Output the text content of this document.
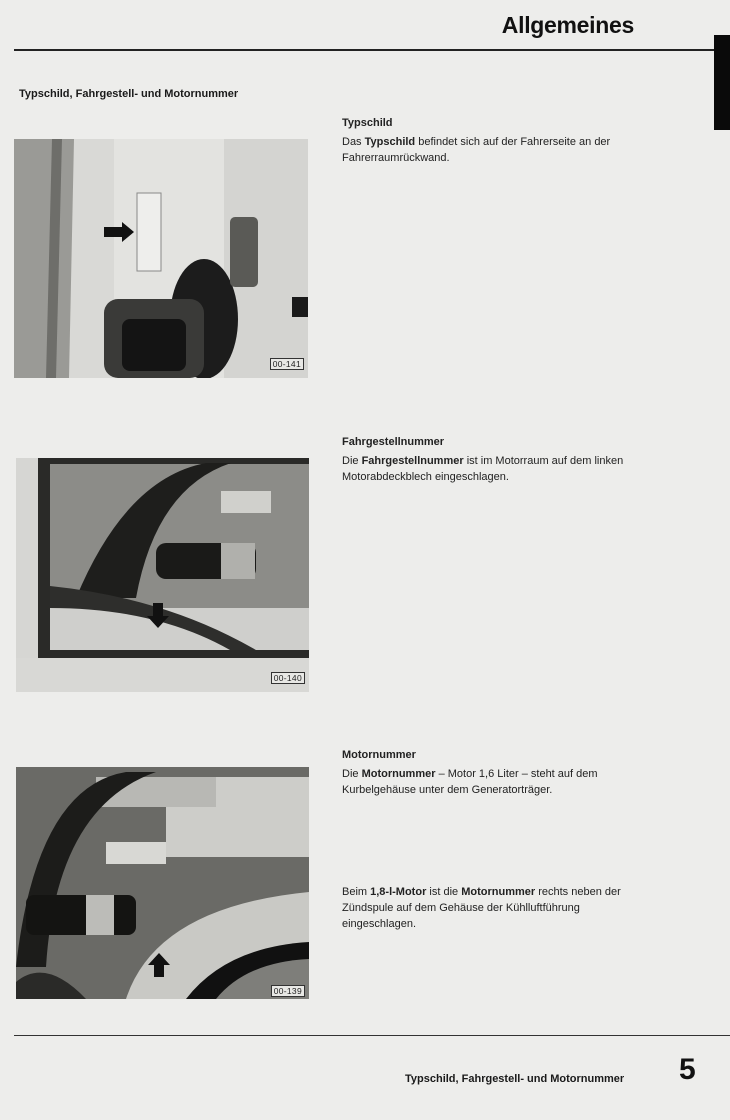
Allgemeines
Typschild, Fahrgestell- und Motornummer
00-141
00-140
00-139
Typschild
Das Typschild befindet sich auf der Fahrerseite an der Fahrerraumrückwand.
Fahrgestellnummer
Die Fahrgestellnummer ist im Motorraum auf dem linken Motorabdeckblech eingeschlagen.
Motornummer
Die Motornummer – Motor 1,6 Liter – steht auf dem Kurbelgehäuse unter dem Generatorträger.
Beim 1,8-l-Motor ist die Motornummer rechts neben der Zündspule auf dem Gehäuse der Kühlluftführung eingeschlagen.
Typschild, Fahrgestell- und Motornummer 5
